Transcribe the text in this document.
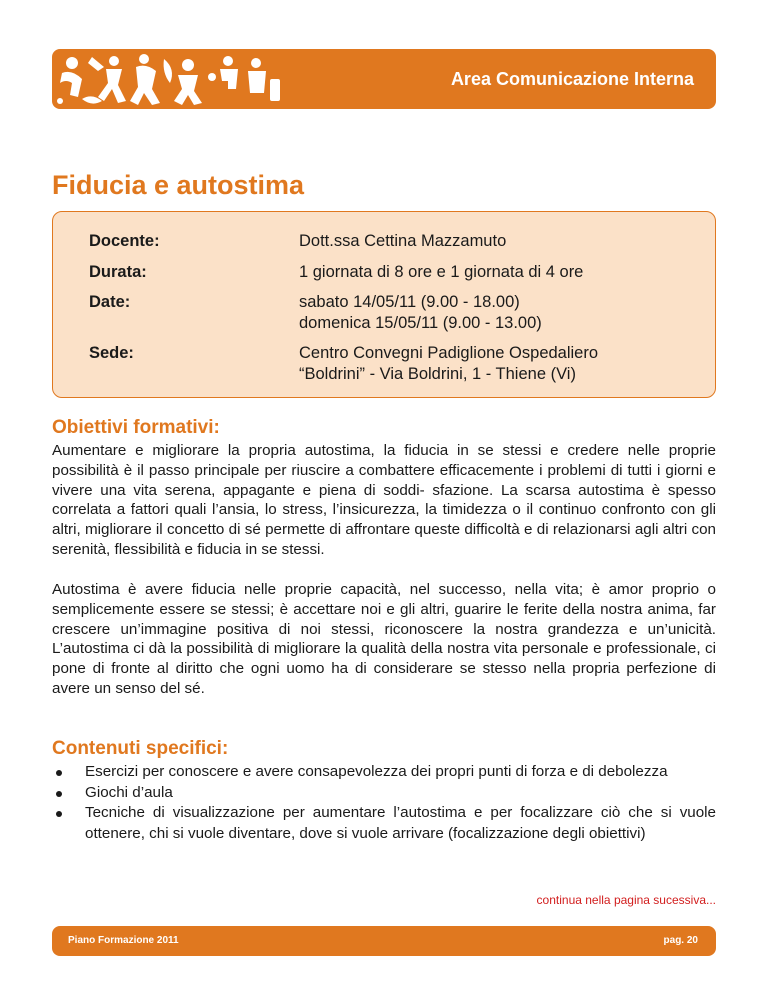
Area Comunicazione Interna
Fiducia e autostima
Docente:	Dott.ssa Cettina Mazzamuto
Durata:	1 giornata di 8 ore e 1 giornata di 4 ore
Date:	sabato 14/05/11 (9.00 - 18.00)
domenica 15/05/11 (9.00 - 13.00)
Sede:	Centro Convegni Padiglione Ospedaliero
“Boldrini” - Via Boldrini, 1 - Thiene (Vi)
Obiettivi formativi:

Aumentare e migliorare la propria autostima, la fiducia in se stessi e credere nelle proprie possibilità è il passo principale per riuscire a combattere efficacemente i problemi di tutti i giorni e vivere una vita serena, appagante e piena di soddi- sfazione. La scarsa autostima è spesso correlata a fattori quali l’ansia, lo stress, l’insicurezza, la timidezza o il continuo confronto con gli altri, migliorare il concetto di sé permette di affrontare queste difficoltà e di relazionarsi agli altri con serenità, flessibilità e fiducia in se stessi.

Autostima è avere fiducia nelle proprie capacità, nel successo, nella vita; è amor proprio o semplicemente essere se stessi; è accettare noi e gli altri, guarire le ferite della nostra anima, far crescere un’immagine positiva di noi stessi, riconoscere la nostra grandezza e un’unicità. L’autostima ci dà la possibilità di migliorare la qualità della nostra vita personale e professionale, ci pone di fronte al diritto che ogni uomo ha di considerare se stesso nella propria perfezione di avere un senso del sé.

Contenuti specifici:
Esercizi per conoscere e avere consapevolezza dei propri punti di forza e di debolezza
Giochi d’aula
Tecniche di visualizzazione per aumentare l’autostima e per focalizzare ciò che si vuole ottenere, chi si vuole diventare, dove si vuole arrivare (focalizzazione degli obiettivi)
continua nella pagina sucessiva...
Piano Formazione 2011	pag. 20
